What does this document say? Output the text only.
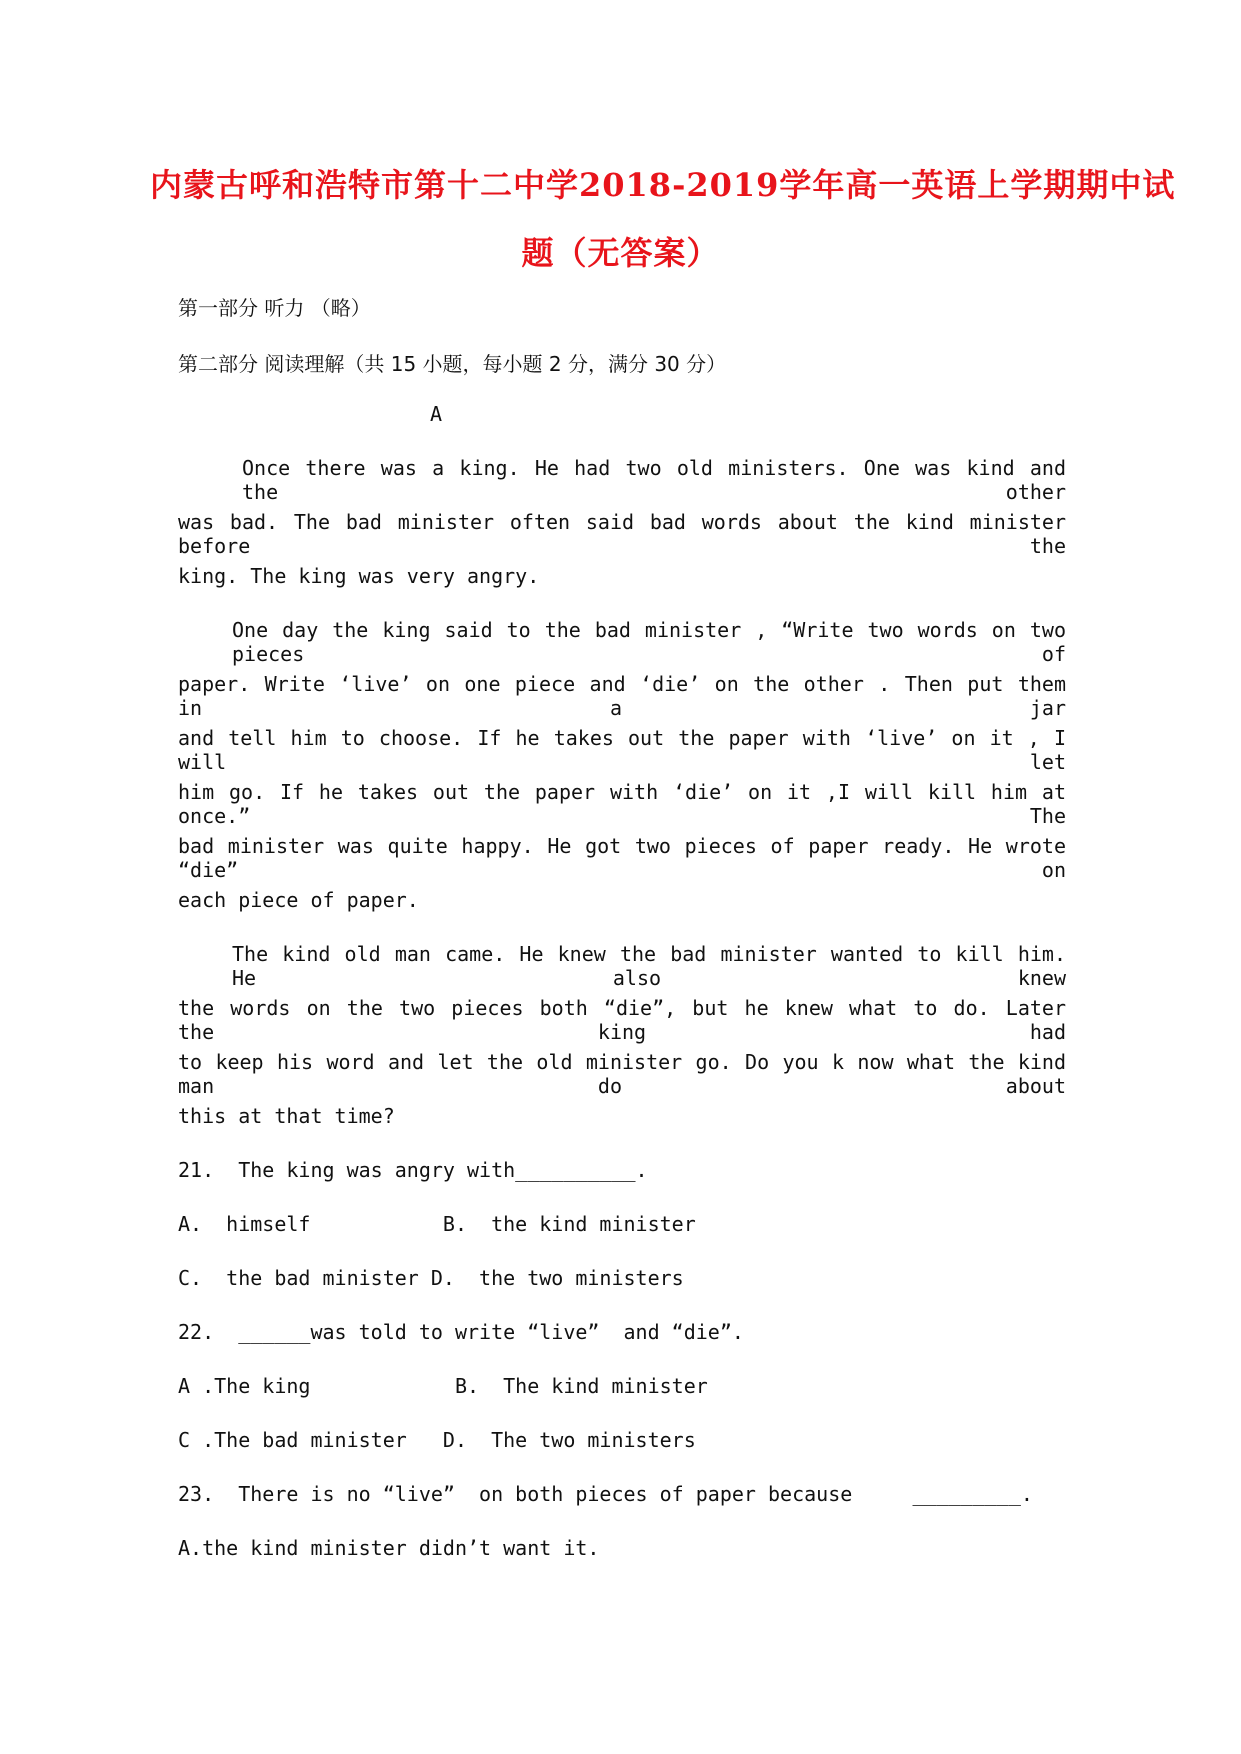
内蒙古呼和浩特市第十二中学2018-2019学年高一英语上学期期中试
题（无答案）
第一部分 听力 （略）
第二部分 阅读理解（共 15 小题，每小题 2 分，满分 30 分）
A
Once there was a king. He had two old ministers. One was kind and the other
was bad. The bad minister often said bad words about the kind minister before the
king. The king was very angry.
One day the king said to the bad minister , “Write two words on two pieces of
paper. Write ‘live’ on one piece and ‘die’ on the other . Then put them in a jar
and tell him to choose. If he takes out the paper with ‘live’ on it , I will let
him go. If he takes out the paper with ‘die’ on it ,I will kill him at once.” The
bad minister was quite happy. He got two pieces of paper ready. He wrote “die” on
each piece of paper.
The kind old man came. He knew the bad minister wanted to kill him. He also knew
the words on the two pieces both “die”, but he knew what to do. Later the king had
to keep his word and let the old minister go. Do you k now what the kind man do about
this at that time?
21.  The king was angry with__________.
A.  himself           B.  the kind minister
C.  the bad minister D.  the two ministers
22.  ______was told to write “live”  and “die”.
A .The king            B.  The kind minister
C .The bad minister   D.  The two ministers
23.  There is no “live”  on both pieces of paper because     _________.
A.the kind minister didn’t want it.
